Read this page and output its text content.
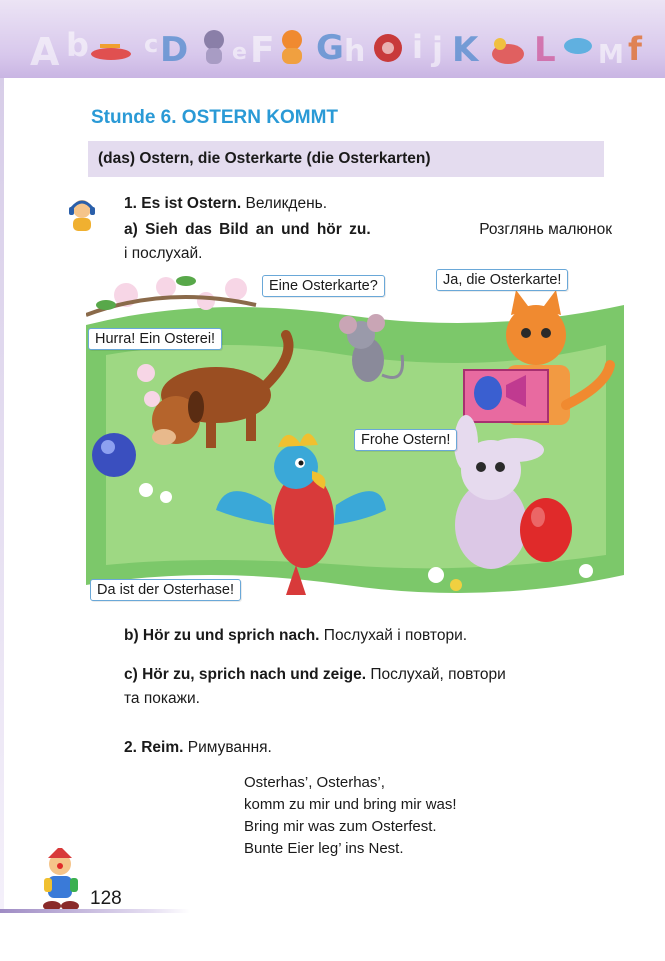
A b c D e F G h i j K L M f
Stunde 6. OSTERN KOMMT
(das) Ostern, die Osterkarte (die Osterkarten)
1. Es ist Ostern. Великдень.
a) Sieh das Bild an und hör zu.	Розглянь малюнок
і послухай.
Eine Osterkarte?	Ja, die Osterkarte!
Hurra! Ein Osterei!
Frohe Ostern!
Da ist der Osterhase!
b) Hör zu und sprich nach. Послухай і повтори.
c) Hör zu, sprich nach und zeige. Послухай, повтори
та покажи.
2. Reim. Римування.
Osterhas’, Osterhas’,
komm zu mir und bring mir was!
Bring mir was zum Osterfest.
Bunte Eier leg’ ins Nest.
128
